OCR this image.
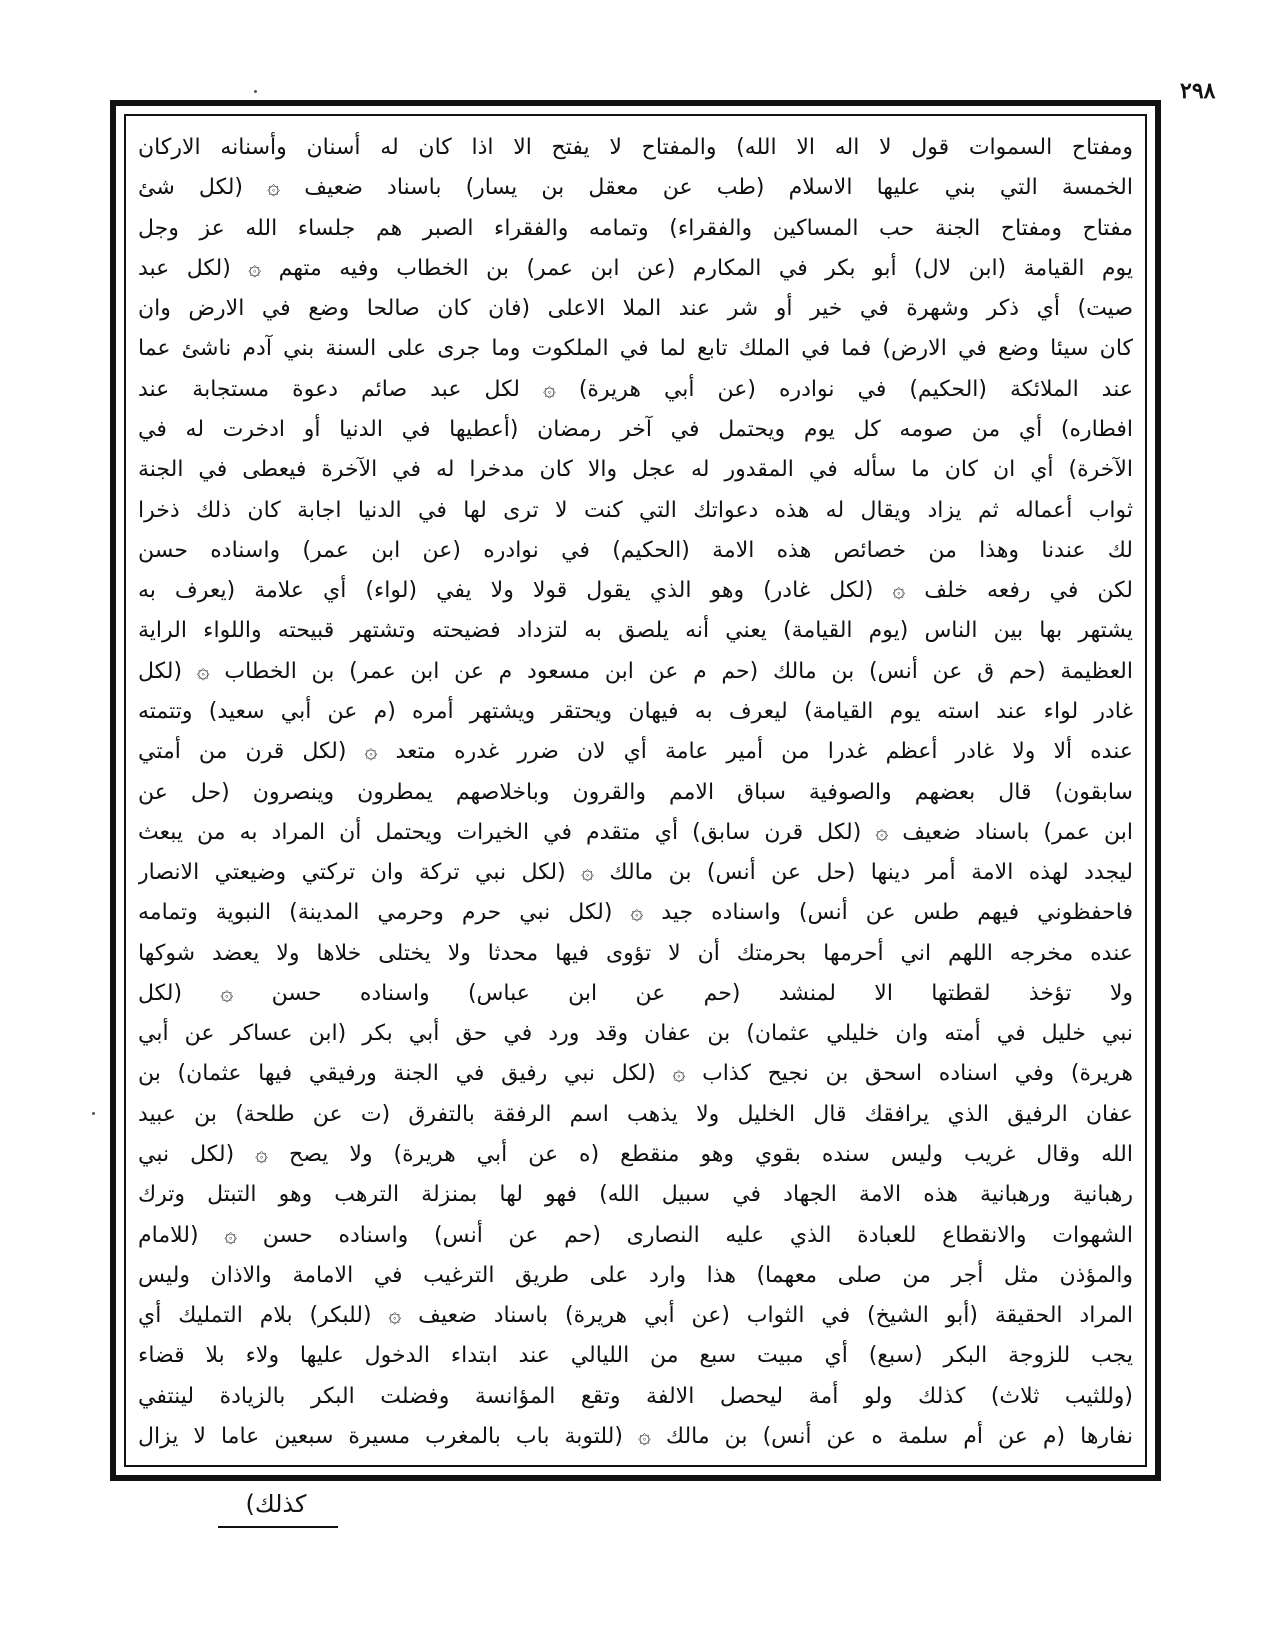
٢٩٨
ومفتاح السموات قول لا اله الا الله) والمفتاح لا يفتح الا اذا كان له أسنان وأسنانه الاركان
الخمسة التي بني عليها الاسلام (طب عن معقل بن يسار) باسناد ضعيف ۞ (لكل شئ
مفتاح ومفتاح الجنة حب المساكين والفقراء) وتمامه والفقراء الصبر هم جلساء الله عز وجل
يوم القيامة (ابن لال) أبو بكر في المكارم (عن ابن عمر) بن الخطاب وفيه متهم ۞ (لكل عبد
صيت) أي ذكر وشهرة في خير أو شر عند الملا الاعلى (فان كان صالحا وضع في الارض وان
كان سيئا وضع في الارض) فما في الملك تابع لما في الملكوت وما جرى على السنة بني آدم ناشئ عما
عند الملائكة (الحكيم) في نوادره (عن أبي هريرة) ۞ لكل عبد صائم دعوة مستجابة عند
افطاره) أي من صومه كل يوم ويحتمل في آخر رمضان (أعطيها في الدنيا أو ادخرت له في
الآخرة) أي ان كان ما سأله في المقدور له عجل والا كان مدخرا له في الآخرة فيعطى في الجنة
ثواب أعماله ثم يزاد ويقال له هذه دعواتك التي كنت لا ترى لها في الدنيا اجابة كان ذلك ذخرا
لك عندنا وهذا من خصائص هذه الامة (الحكيم) في نوادره (عن ابن عمر) واسناده حسن
لكن في رفعه خلف ۞ (لكل غادر) وهو الذي يقول قولا ولا يفي (لواء) أي علامة (يعرف به
يشتهر بها بين الناس (يوم القيامة) يعني أنه يلصق به لتزداد فضيحته وتشتهر قبيحته واللواء الراية
العظيمة (حم ق عن أنس) بن مالك (حم م عن ابن مسعود م عن ابن عمر) بن الخطاب ۞ (لكل
غادر لواء عند استه يوم القيامة) ليعرف به فيهان ويحتقر ويشتهر أمره (م عن أبي سعيد) وتتمته
عنده ألا ولا غادر أعظم غدرا من أمير عامة أي لان ضرر غدره متعد ۞ (لكل قرن من أمتي
سابقون) قال بعضهم والصوفية سباق الامم والقرون وباخلاصهم يمطرون وينصرون (حل عن
ابن عمر) باسناد ضعيف ۞ (لكل قرن سابق) أي متقدم في الخيرات ويحتمل أن المراد به من يبعث
ليجدد لهذه الامة أمر دينها (حل عن أنس) بن مالك ۞ (لكل نبي تركة وان تركتي وضيعتي الانصار
فاحفظوني فيهم طس عن أنس) واسناده جيد ۞ (لكل نبي حرم وحرمي المدينة) النبوية وتمامه
عنده مخرجه اللهم اني أحرمها بحرمتك أن لا تؤوى فيها محدثا ولا يختلى خلاها ولا يعضد شوكها
ولا تؤخذ لقطتها الا لمنشد (حم عن ابن عباس) واسناده حسن ۞ (لكل
نبي خليل في أمته وان خليلي عثمان) بن عفان وقد ورد في حق أبي بكر (ابن عساكر عن أبي
هريرة) وفي اسناده اسحق بن نجيح كذاب ۞ (لكل نبي رفيق في الجنة ورفيقي فيها عثمان) بن
عفان الرفيق الذي يرافقك قال الخليل ولا يذهب اسم الرفقة بالتفرق (ت عن طلحة) بن عبيد
الله وقال غريب وليس سنده بقوي وهو منقطع (ه عن أبي هريرة) ولا يصح ۞ (لكل نبي
رهبانية ورهبانية هذه الامة الجهاد في سبيل الله) فهو لها بمنزلة الترهب وهو التبتل وترك
الشهوات والانقطاع للعبادة الذي عليه النصارى (حم عن أنس) واسناده حسن ۞ (للامام
والمؤذن مثل أجر من صلى معهما) هذا وارد على طريق الترغيب في الامامة والاذان وليس
المراد الحقيقة (أبو الشيخ) في الثواب (عن أبي هريرة) باسناد ضعيف ۞ (للبكر) بلام التمليك أي
يجب للزوجة البكر (سبع) أي مبيت سبع من الليالي عند ابتداء الدخول عليها ولاء بلا قضاء
(وللثيب ثلاث) كذلك ولو أمة ليحصل الالفة وتقع المؤانسة وفضلت البكر بالزيادة لينتفي
نفارها (م عن أم سلمة ه عن أنس) بن مالك ۞ (للتوبة باب بالمغرب مسيرة سبعين عاما لا يزال
كذلك)
